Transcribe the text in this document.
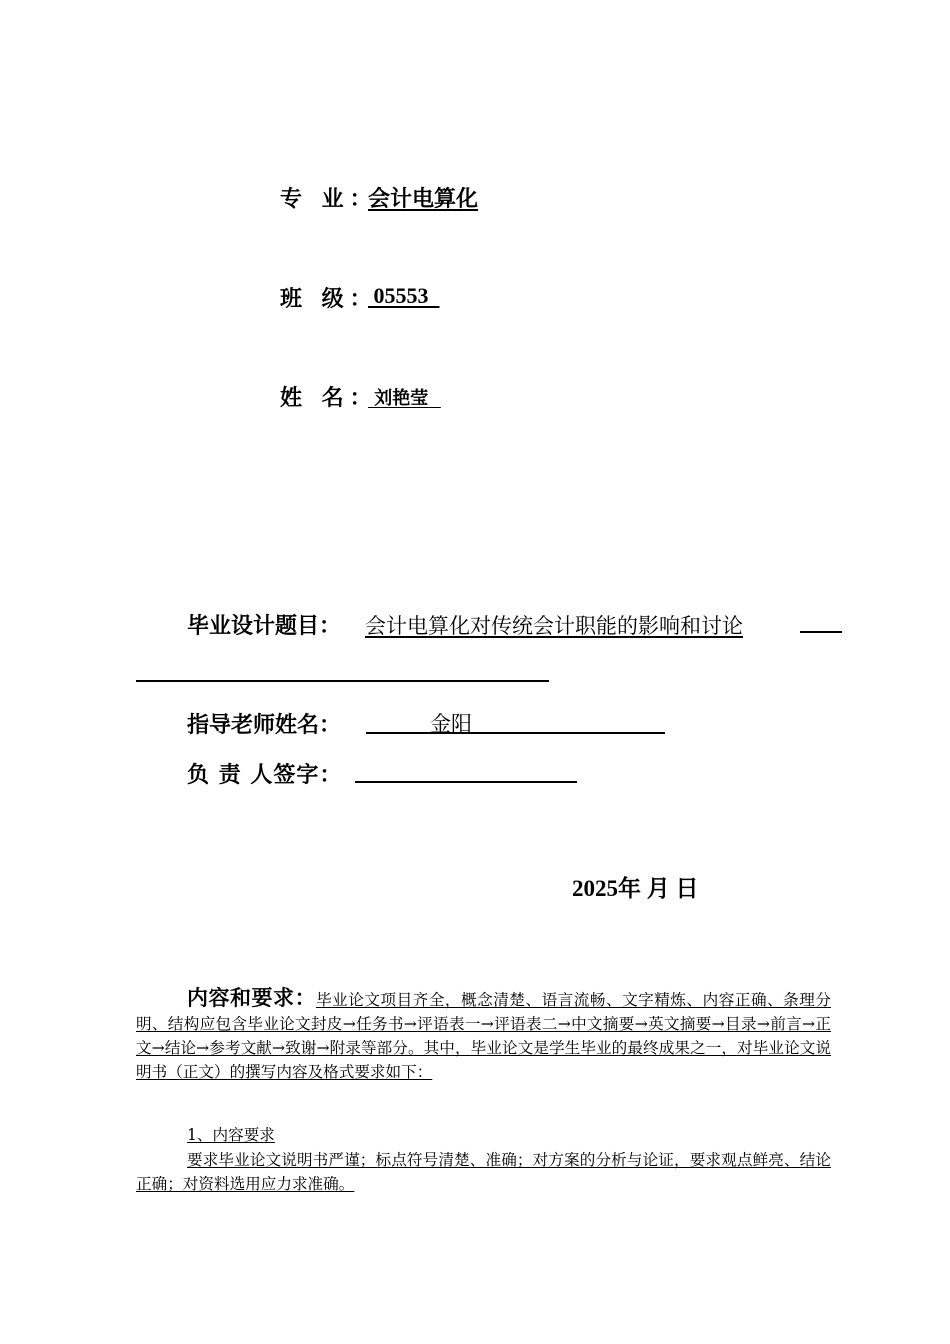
专 业：
会计电算化
班 级：
05553
姓 名：
刘艳莹
毕业设计题目： 会计电算化对传统会计职能的影响和讨论
指导老师姓名：	金阳
负 责 人签字：
2025年 月 日
内容和要求：毕业论文项目齐全，概念清楚、语言流畅、文字精炼、内容正确、条理分明、结构应包含毕业论文封皮→任务书→评语表一→评语表二→中文摘要→英文摘要→目录→前言→正文→结论→参考文献→致谢→附录等部分。其中，毕业论文是学生毕业的最终成果之一，对毕业论文说明书（正文）的撰写内容及格式要求如下：
1、内容要求
要求毕业论文说明书严谨；标点符号清楚、准确；对方案的分析与论证，要求观点鲜亮、结论正确；对资料选用应力求准确。
